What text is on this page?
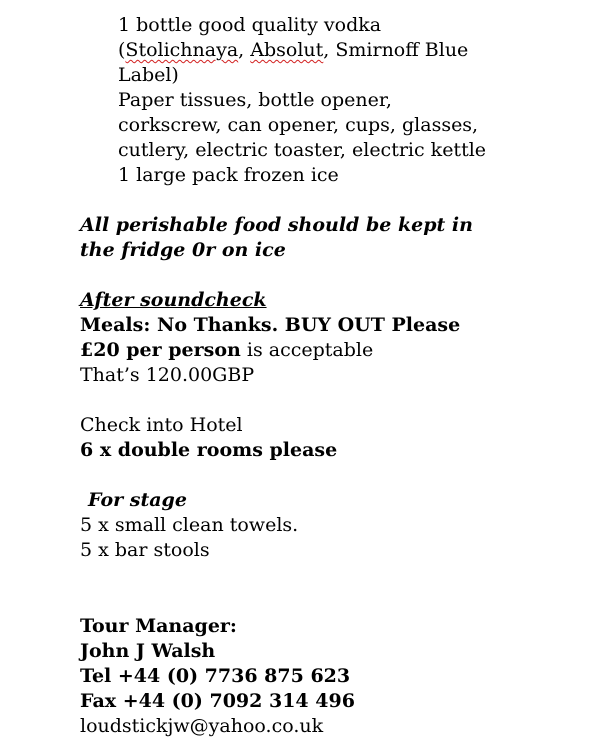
1 bottle good quality vodka
(Stolichnaya, Absolut, Smirnoff Blue
Label)
Paper tissues, bottle opener,
corkscrew, can opener, cups, glasses,
cutlery, electric toaster, electric kettle
1 large pack frozen ice
All perishable food should be kept in
the fridge 0r on ice
After soundcheck
Meals: No Thanks. BUY OUT Please
£20 per person is acceptable
That’s 120.00GBP
Check into Hotel
6 x double rooms please
For stage
5 x small clean towels.
5 x bar stools
Tour Manager:
John J Walsh
Tel +44 (0) 7736 875 623
Fax +44 (0) 7092 314 496
loudstickjw@yahoo.co.uk
